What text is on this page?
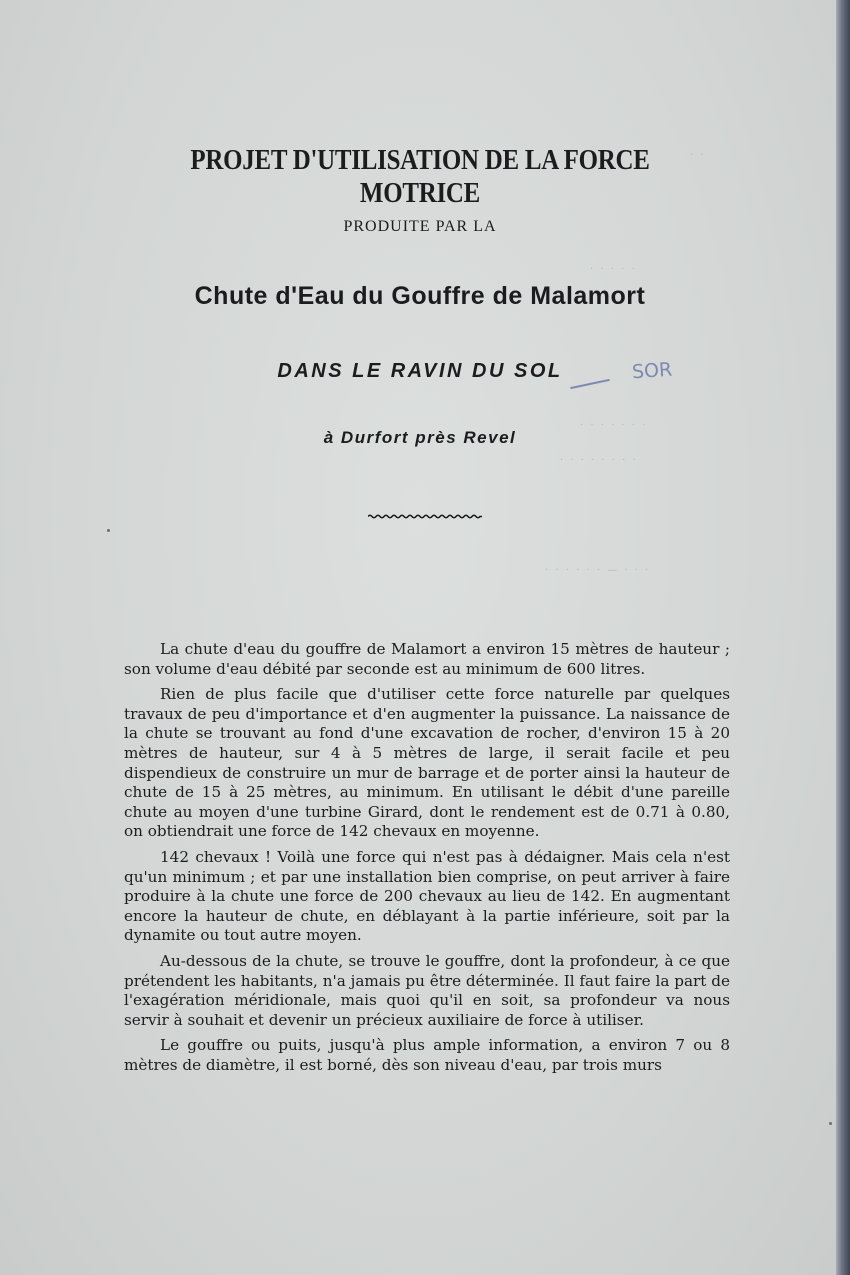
PROJET D'UTILISATION DE LA FORCE MOTRICE
PRODUITE PAR LA
Chute d'Eau du Gouffre de Malamort
DANS LE RAVIN DU SOL	SOR
à Durfort près Revel
· ·
· · · · ·
· · · · · · ·
· · · · · · · ·
· · · · · · — · · ·

La chute d'eau du gouffre de Malamort a environ 15 mètres de hauteur ; son volume d'eau débité par seconde est au minimum de 600 litres.

Rien de plus facile que d'utiliser cette force naturelle par quelques travaux de peu d'importance et d'en augmenter la puissance. La naissance de la chute se trouvant au fond d'une excavation de rocher, d'environ 15 à 20 mètres de hauteur, sur 4 à 5 mètres de large, il serait facile et peu dispendieux de construire un mur de barrage et de porter ainsi la hauteur de chute de 15 à 25 mètres, au minimum. En utilisant le débit d'une pareille chute au moyen d'une turbine Girard, dont le rendement est de 0.71 à 0.80, on obtiendrait une force de 142 chevaux en moyenne.

142 chevaux ! Voilà une force qui n'est pas à dédaigner. Mais cela n'est qu'un minimum ; et par une installation bien comprise, on peut arriver à faire produire à la chute une force de 200 chevaux au lieu de 142. En augmentant encore la hauteur de chute, en déblayant à la partie inférieure, soit par la dynamite ou tout autre moyen.

Au-dessous de la chute, se trouve le gouffre, dont la profondeur, à ce que prétendent les habitants, n'a jamais pu être déterminée. Il faut faire la part de l'exagération méridionale, mais quoi qu'il en soit, sa profondeur va nous servir à souhait et devenir un précieux auxiliaire de force à utiliser.

Le gouffre ou puits, jusqu'à plus ample information, a environ 7 ou 8 mètres de diamètre, il est borné, dès son niveau d'eau, par trois murs
